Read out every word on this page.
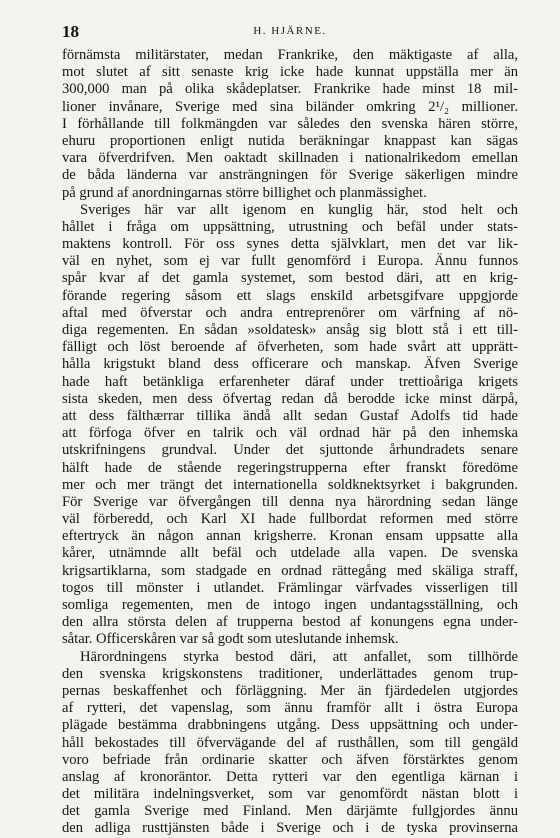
18	H. HJÄRNE.
förnämsta militärstater, medan Frankrike, den mäktigaste af alla,
mot slutet af sitt senaste krig icke hade kunnat uppställa mer än
300,000 man på olika skådeplatser. Frankrike hade minst 18 mil-
lioner invånare, Sverige med sina biländer omkring 2¹/₂ millioner.
I förhållande till folkmängden var således den svenska hären större,
ehuru proportionen enligt nutida beräkningar knappast kan sägas
vara öfverdrifven. Men oaktadt skillnaden i nationalrikedom emellan
de båda länderna var ansträngningen för Sverige säkerligen mindre
på grund af anordningarnas större billighet och planmässighet.
Sveriges här var allt igenom en kunglig här, stod helt och
hållet i fråga om uppsättning, utrustning och befäl under stats-
maktens kontroll. För oss synes detta självklart, men det var lik-
väl en nyhet, som ej var fullt genomförd i Europa. Ännu funnos
spår kvar af det gamla systemet, som bestod däri, att en krig-
förande regering såsom ett slags enskild arbetsgifvare uppgjorde
aftal med öfverstar och andra entreprenörer om värfning af nö-
diga regementen. En sådan »soldatesk» ansåg sig blott stå i ett till-
fälligt och löst beroende af öfverheten, som hade svårt att upprätt-
hålla krigstukt bland dess officerare och manskap. Äfven Sverige
hade haft betänkliga erfarenheter däraf under trettioåriga krigets
sista skeden, men dess öfvertag redan då berodde icke minst därpå,
att dess fälthærrar tillika ändå allt sedan Gustaf Adolfs tid hade
att förfoga öfver en talrik och väl ordnad här på den inhemska
utskrifningens grundval. Under det sjuttonde århundradets senare
hälft hade de stående regeringstrupperna efter franskt föredöme
mer och mer trängt det internationella soldknektsyrket i bakgrunden.
För Sverige var öfvergången till denna nya härordning sedan länge
väl förberedd, och Karl XI hade fullbordat reformen med större
eftertryck än någon annan krigsherre. Kronan ensam uppsatte alla
kårer, utnämnde allt befäl och utdelade alla vapen. De svenska
krigsartiklarna, som stadgade en ordnad rättegång med skäliga straff,
togos till mönster i utlandet. Främlingar värfvades visserligen till
somliga regementen, men de intogo ingen undantagsställning, och
den allra största delen af trupperna bestod af konungens egna under-
såtar. Officerskåren var så godt som uteslutande inhemsk.
Härordningens styrka bestod däri, att anfallet, som tillhörde
den svenska krigskonstens traditioner, underlättades genom trup-
pernas beskaffenhet och förläggning. Mer än fjärdedelen utgjordes
af rytteri, det vapenslag, som ännu framför allt i östra Europa
plägade bestämma drabbningens utgång. Dess uppsättning och under-
håll bekostades till öfvervägande del af rusthållen, som till gengäld
voro befriade från ordinarie skatter och äfven förstärktes genom
anslag af kronoräntor. Detta rytteri var den egentliga kärnan i
det militära indelningsverket, som var genomfördt nästan blott i
det gamla Sverige med Finland. Men därjämte fullgjordes ännu
den adliga rusttjänsten både i Sverige och i de tyska provinserna
